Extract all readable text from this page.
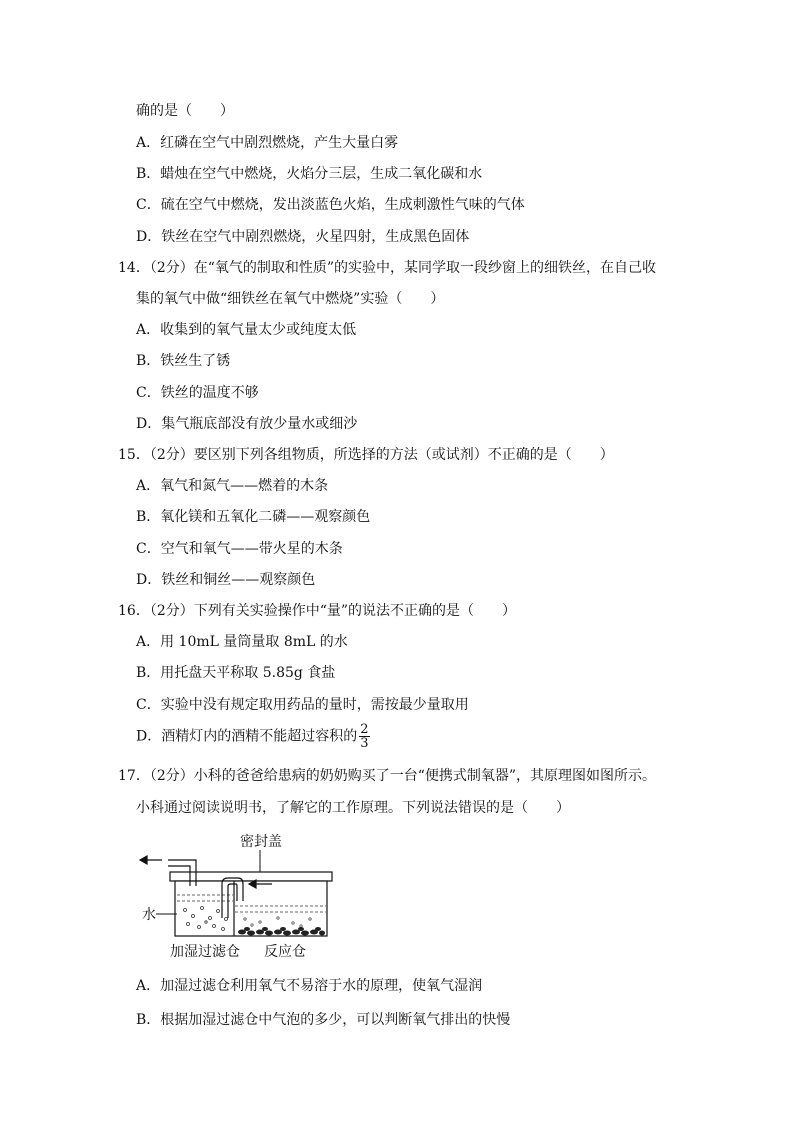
确的是（　　）
A．红磷在空气中剧烈燃烧，产生大量白雾
B．蜡烛在空气中燃烧，火焰分三层，生成二氧化碳和水
C．硫在空气中燃烧，发出淡蓝色火焰，生成刺激性气味的气体
D．铁丝在空气中剧烈燃烧，火星四射，生成黑色固体
14．（2分）在“氧气的制取和性质”的实验中，某同学取一段纱窗上的细铁丝，在自己收
集的氧气中做“细铁丝在氧气中燃烧”实验（　　）
A．收集到的氧气量太少或纯度太低
B．铁丝生了锈
C．铁丝的温度不够
D．集气瓶底部没有放少量水或细沙
15．（2分）要区别下列各组物质，所选择的方法（或试剂）不正确的是（　　）
A．氧气和氮气——燃着的木条
B．氧化镁和五氧化二磷——观察颜色
C．空气和氧气——带火星的木条
D．铁丝和铜丝——观察颜色
16．（2分）下列有关实验操作中“量”的说法不正确的是（　　）
A．用 10mL 量筒量取 8mL 的水
B．用托盘天平称取 5.85g 食盐
C．实验中没有规定取用药品的量时，需按最少量取用
D．酒精灯内的酒精不能超过容积的 $\frac{2}{3}$
17．（2分）小科的爸爸给患病的奶奶购买了一台“便携式制氧器”，其原理图如图所示。
小科通过阅读说明书，了解它的工作原理。下列说法错误的是（　　）
密封盖
水
加湿过滤仓 反应仓
A．加湿过滤仓利用氧气不易溶于水的原理，使氧气湿润
B．根据加湿过滤仓中气泡的多少，可以判断氧气排出的快慢
